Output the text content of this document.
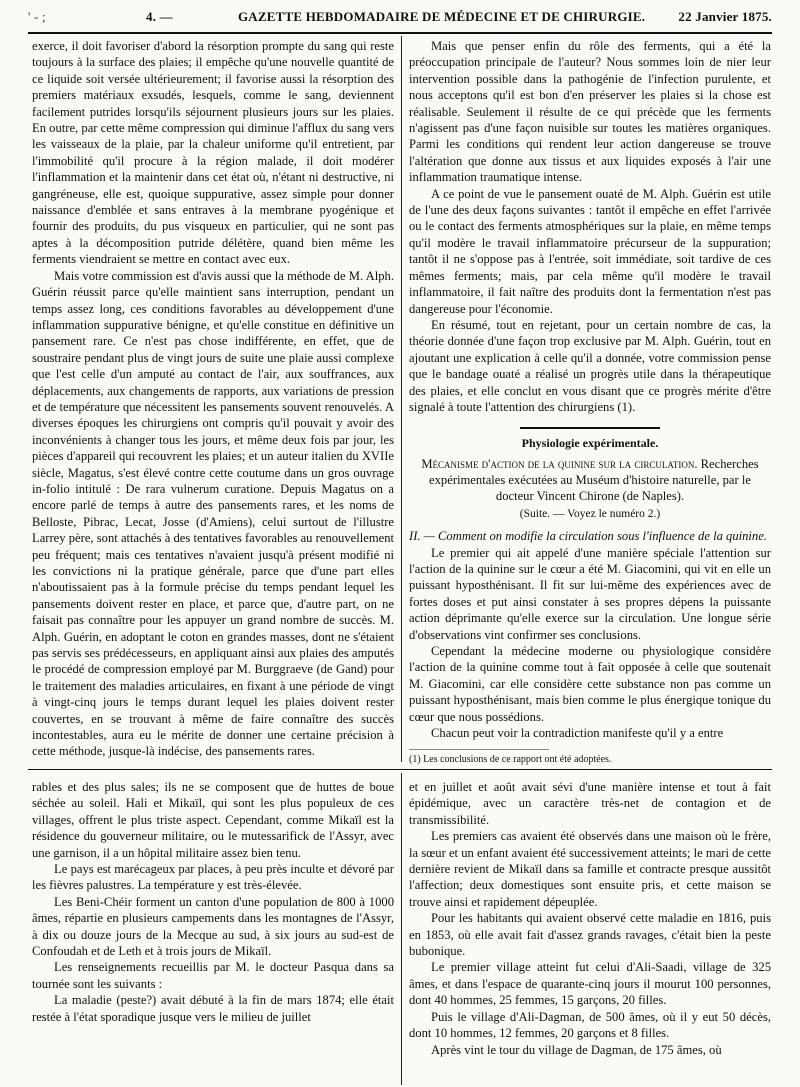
' - ;	4. —	GAZETTE HEBDOMADAIRE DE MÉDECINE ET DE CHIRURGIE.	22 Janvier 1875.

exerce, il doit favoriser d'abord la résorption prompte du sang qui reste toujours à la surface des plaies; il empêche qu'une nouvelle quantité de ce liquide soit versée ultérieurement; il favorise aussi la résorption des premiers matériaux exsudés, lesquels, comme le sang, deviennent facilement putrides lorsqu'ils séjournent plusieurs jours sur les plaies. En outre, par cette même compression qui diminue l'afflux du sang vers les vaisseaux de la plaie, par la chaleur uniforme qu'il entretient, par l'immobilité qu'il procure à la région malade, il doit modérer l'inflammation et la maintenir dans cet état où, n'étant ni destructive, ni gangréneuse, elle est, quoique suppurative, assez simple pour donner naissance d'emblée et sans entraves à la membrane pyogénique et fournir des produits, du pus visqueux en particulier, qui ne sont pas aptes à la décomposition putride délétère, quand bien même les ferments viendraient se mettre en contact avec eux.

Mais votre commission est d'avis aussi que la méthode de M. Alph. Guérin réussit parce qu'elle maintient sans interruption, pendant un temps assez long, ces conditions favorables au développement d'une inflammation suppurative bénigne, et qu'elle constitue en définitive un pansement rare. Ce n'est pas chose indifférente, en effet, que de soustraire pendant plus de vingt jours de suite une plaie aussi complexe que l'est celle d'un amputé au contact de l'air, aux souffrances, aux déplacements, aux changements de rapports, aux variations de pression et de température que nécessitent les pansements souvent renouvelés. A diverses époques les chirurgiens ont compris qu'il pouvait y avoir des inconvénients à changer tous les jours, et même deux fois par jour, les pièces d'appareil qui recouvrent les plaies; et un auteur italien du XVIIe siècle, Magatus, s'est élevé contre cette coutume dans un gros ouvrage in-folio intitulé : De rara vulnerum curatione. Depuis Magatus on a encore parlé de temps à autre des pansements rares, et les noms de Belloste, Pibrac, Lecat, Josse (d'Amiens), celui surtout de l'illustre Larrey père, sont attachés à des tentatives favorables au renouvellement peu fréquent; mais ces tentatives n'avaient jusqu'à présent modifié ni les convictions ni la pratique générale, parce que d'une part elles n'aboutissaient pas à la formule précise du temps pendant lequel les pansements doivent rester en place, et parce que, d'autre part, on ne faisait pas connaître pour les appuyer un grand nombre de succès. M. Alph. Guérin, en adoptant le coton en grandes masses, dont ne s'étaient pas servis ses prédécesseurs, en appliquant ainsi aux plaies des amputés le procédé de compression employé par M. Burggraeve (de Gand) pour le traitement des maladies articulaires, en fixant à une période de vingt à vingt-cinq jours le temps durant lequel les plaies doivent rester couvertes, en se trouvant à même de faire connaître des succès incontestables, aura eu le mérite de donner une certaine précision à cette méthode, jusque-là indécise, des pansements rares.

Mais que penser enfin du rôle des ferments, qui a été la préoccupation principale de l'auteur? Nous sommes loin de nier leur intervention possible dans la pathogénie de l'infection purulente, et nous acceptons qu'il est bon d'en préserver les plaies si la chose est réalisable. Seulement il résulte de ce qui précède que les ferments n'agissent pas d'une façon nuisible sur toutes les matières organiques. Parmi les conditions qui rendent leur action dangereuse se trouve l'altération que donne aux tissus et aux liquides exposés à l'air une inflammation traumatique intense.

A ce point de vue le pansement ouaté de M. Alph. Guérin est utile de l'une des deux façons suivantes : tantôt il empêche en effet l'arrivée ou le contact des ferments atmosphériques sur la plaie, en même temps qu'il modère le travail inflammatoire précurseur de la suppuration; tantôt il ne s'oppose pas à l'entrée, soit immédiate, soit tardive de ces mêmes ferments; mais, par cela même qu'il modère le travail inflammatoire, il fait naître des produits dont la fermentation n'est pas dangereuse pour l'économie.

En résumé, tout en rejetant, pour un certain nombre de cas, la théorie donnée d'une façon trop exclusive par M. Alph. Guérin, tout en ajoutant une explication à celle qu'il a donnée, votre commission pense que le bandage ouaté a réalisé un progrès utile dans la thérapeutique des plaies, et elle conclut en vous disant que ce progrès mérite d'être signalé à toute l'attention des chirurgiens (1).

Physiologie expérimentale.
Mécanisme d'action de la quinine sur la circulation. Recherches expérimentales exécutées au Muséum d'histoire naturelle, par le docteur Vincent Chirone (de Naples).
(Suite. — Voyez le numéro 2.)

II. — Comment on modifie la circulation sous l'influence de la quinine.

Le premier qui ait appelé d'une manière spéciale l'attention sur l'action de la quinine sur le cœur a été M. Giacomini, qui vit en elle un puissant hyposthénisant. Il fit sur lui-même des expériences avec de fortes doses et put ainsi constater à ses propres dépens la puissante action déprimante qu'elle exerce sur la circulation. Une longue série d'observations vint confirmer ses conclusions.

Cependant la médecine moderne ou physiologique considère l'action de la quinine comme tout à fait opposée à celle que soutenait M. Giacomini, car elle considère cette substance non pas comme un puissant hyposthénisant, mais bien comme le plus énergique tonique du cœur que nous possédions.

Chacun peut voir la contradiction manifeste qu'il y a entre

(1) Les conclusions de ce rapport ont été adoptées.

rables et des plus sales; ils ne se composent que de huttes de boue séchée au soleil. Hali et Mikaïl, qui sont les plus populeux de ces villages, offrent le plus triste aspect. Cependant, comme Mikaïl est la résidence du gouverneur militaire, ou le mutessarifick de l'Assyr, avec une garnison, il a un hôpital militaire assez bien tenu.

Le pays est marécageux par places, à peu près inculte et dévoré par les fièvres palustres. La température y est très-élevée.

Les Beni-Chéir forment un canton d'une population de 800 à 1000 âmes, répartie en plusieurs campements dans les montagnes de l'Assyr, à dix ou douze jours de la Mecque au sud, à six jours au sud-est de Confoudah et de Leth et à trois jours de Mikaïl.

Les renseignements recueillis par M. le docteur Pasqua dans sa tournée sont les suivants :

La maladie (peste?) avait débuté à la fin de mars 1874; elle était restée à l'état sporadique jusque vers le milieu de juillet

et en juillet et août avait sévi d'une manière intense et tout à fait épidémique, avec un caractère très-net de contagion et de transmissibilité.

Les premiers cas avaient été observés dans une maison où le frère, la sœur et un enfant avaient été successivement atteints; le mari de cette dernière revient de Mikaïl dans sa famille et contracte presque aussitôt l'affection; deux domestiques sont ensuite pris, et cette maison se trouve ainsi et rapidement dépeuplée.

Pour les habitants qui avaient observé cette maladie en 1816, puis en 1853, où elle avait fait d'assez grands ravages, c'était bien la peste bubonique.

Le premier village atteint fut celui d'Ali-Saadi, village de 325 âmes, et dans l'espace de quarante-cinq jours il mourut 100 personnes, dont 40 hommes, 25 femmes, 15 garçons, 20 filles.

Puis le village d'Ali-Dagman, de 500 âmes, où il y eut 50 décès, dont 10 hommes, 12 femmes, 20 garçons et 8 filles.

Après vint le tour du village de Dagman, de 175 âmes, où
